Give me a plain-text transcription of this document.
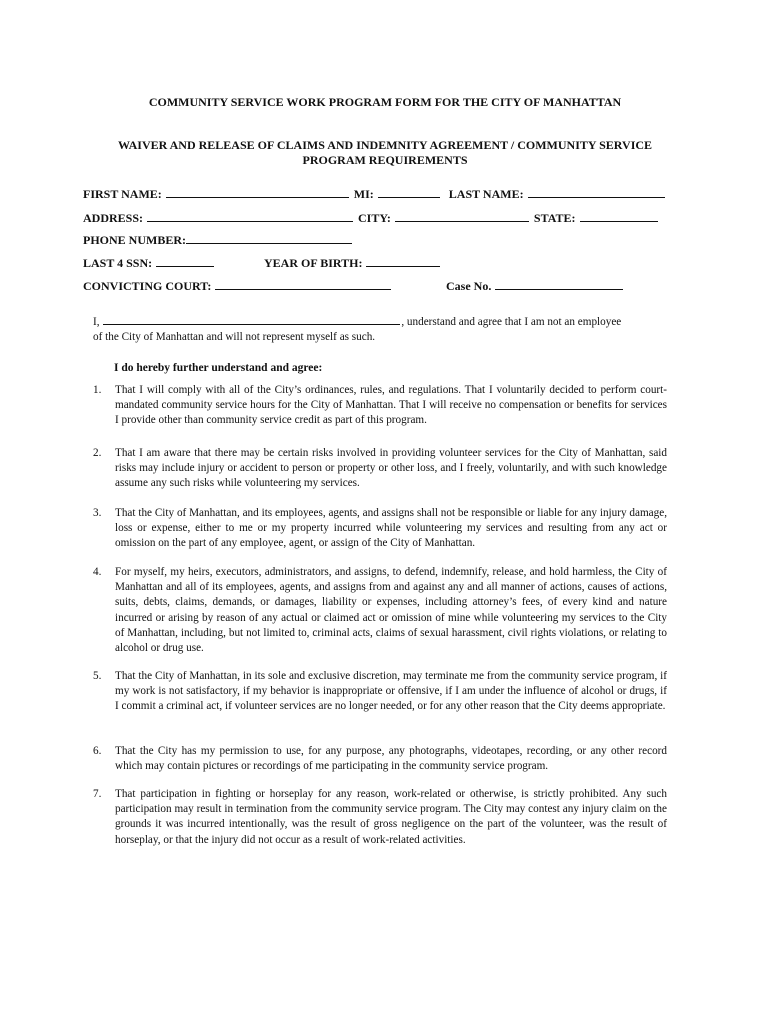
COMMUNITY SERVICE WORK PROGRAM FORM FOR THE CITY OF MANHATTAN
WAIVER AND RELEASE OF CLAIMS AND INDEMNITY AGREEMENT / COMMUNITY SERVICE
PROGRAM REQUIREMENTS
FIRST NAME:	MI:	LAST NAME:
ADDRESS:	CITY:	STATE:
PHONE NUMBER:
LAST 4 SSN:	YEAR OF BIRTH:
CONVICTING COURT:	Case No.
I,	, understand and agree that I am not an employee
of the City of Manhattan and will not represent myself as such.
I do hereby further understand and agree:
1. That I will comply with all of the City’s ordinances, rules, and regulations. That I voluntarily decided to perform court-mandated community service hours for the City of Manhattan. That I will receive no compensation or benefits for services I provide other than community service credit as part of this program.
2. That I am aware that there may be certain risks involved in providing volunteer services for the City of Manhattan, said risks may include injury or accident to person or property or other loss, and I freely, voluntarily, and with such knowledge assume any such risks while volunteering my services.
3. That the City of Manhattan, and its employees, agents, and assigns shall not be responsible or liable for any injury damage, loss or expense, either to me or my property incurred while volunteering my services and resulting from any act or omission on the part of any employee, agent, or assign of the City of Manhattan.
4. For myself, my heirs, executors, administrators, and assigns, to defend, indemnify, release, and hold harmless, the City of Manhattan and all of its employees, agents, and assigns from and against any and all manner of actions, causes of actions, suits, debts, claims, demands, or damages, liability or expenses, including attorney’s fees, of every kind and nature incurred or arising by reason of any actual or claimed act or omission of mine while volunteering my services to the City of Manhattan, including, but not limited to, criminal acts, claims of sexual harassment, civil rights violations, or relating to alcohol or drug use.
5. That the City of Manhattan, in its sole and exclusive discretion, may terminate me from the community service program, if my work is not satisfactory, if my behavior is inappropriate or offensive, if I am under the influence of alcohol or drugs, if I commit a criminal act, if volunteer services are no longer needed, or for any other reason that the City deems appropriate.
6. That the City has my permission to use, for any purpose, any photographs, videotapes, recording, or any other record which may contain pictures or recordings of me participating in the community service program.
7. That participation in fighting or horseplay for any reason, work-related or otherwise, is strictly prohibited. Any such participation may result in termination from the community service program. The City may contest any injury claim on the grounds it was incurred intentionally, was the result of gross negligence on the part of the volunteer, was the result of horseplay, or that the injury did not occur as a result of work-related activities.
